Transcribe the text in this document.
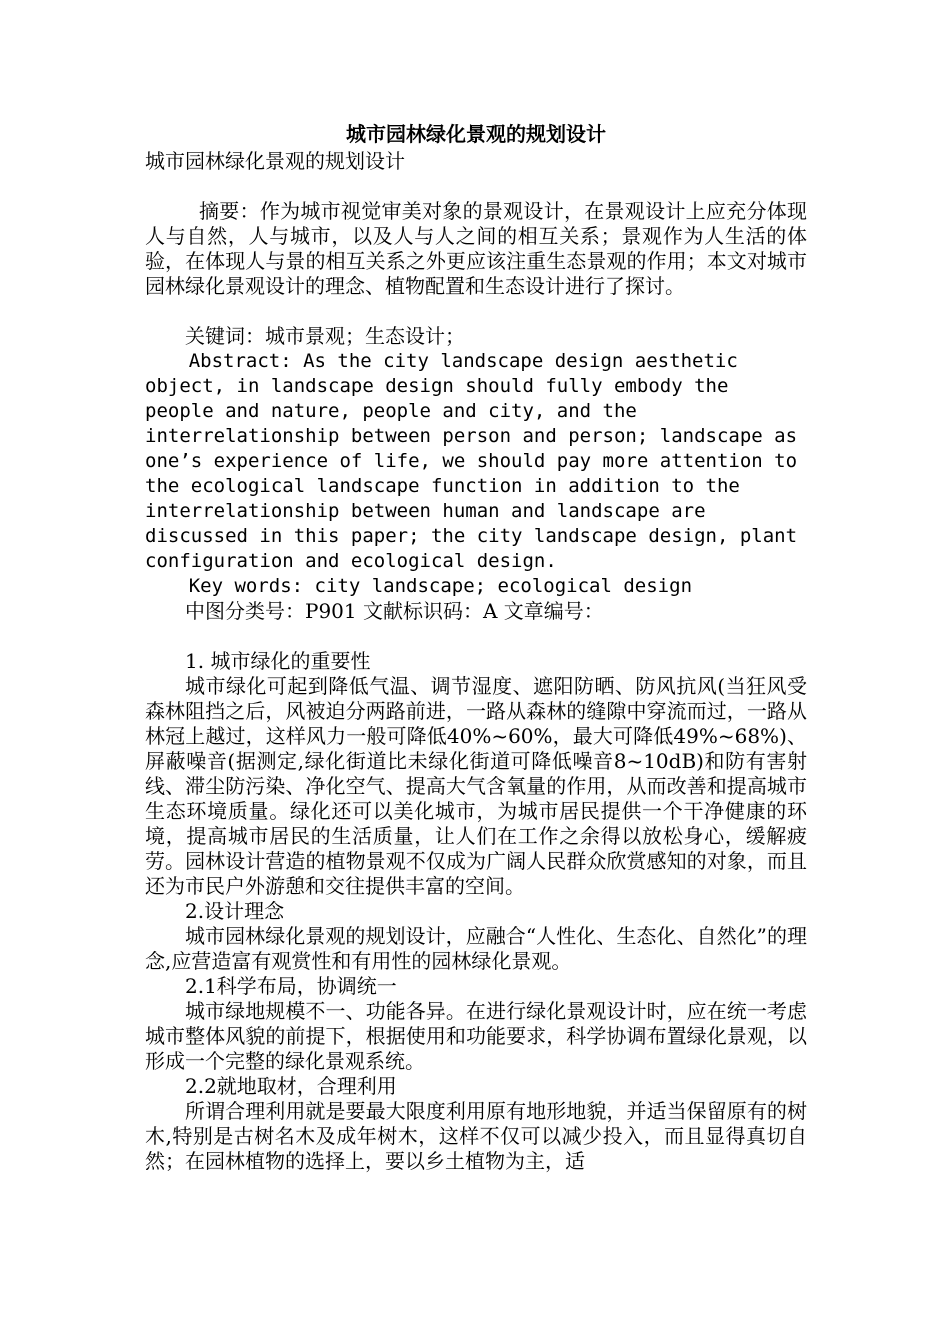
城市园林绿化景观的规划设计

城市园林绿化景观的规划设计

摘要：作为城市视觉审美对象的景观设计，在景观设计上应充分体现人与自然，人与城市，以及人与人之间的相互关系；景观作为人生活的体验，在体现人与景的相互关系之外更应该注重生态景观的作用；本文对城市园林绿化景观设计的理念、植物配置和生态设计进行了探讨。

关键词：城市景观；生态设计；

Abstract: As the city landscape design aesthetic object, in landscape design should fully embody the people and nature, people and city, and the interrelationship between person and person; landscape as one’s experience of life, we should pay more attention to the ecological landscape function in addition to the interrelationship between human and landscape are discussed in this paper; the city landscape design, plant configuration and ecological design.

Key words: city landscape; ecological design

中图分类号：P901 文献标识码：A 文章编号：

1. 城市绿化的重要性

城市绿化可起到降低气温、调节湿度、遮阳防晒、防风抗风(当狂风受森林阻挡之后，风被迫分两路前进，一路从森林的缝隙中穿流而过，一路从林冠上越过，这样风力一般可降低40%~60%，最大可降低49%~68%)、屏蔽噪音(据测定,绿化街道比未绿化街道可降低噪音8~10dB)和防有害射线、滞尘防污染、净化空气、提高大气含氧量的作用，从而改善和提高城市生态环境质量。绿化还可以美化城市，为城市居民提供一个干净健康的环境，提高城市居民的生活质量，让人们在工作之余得以放松身心，缓解疲劳。园林设计营造的植物景观不仅成为广阔人民群众欣赏感知的对象，而且还为市民户外游憩和交往提供丰富的空间。

2.设计理念

城市园林绿化景观的规划设计，应融合“人性化、生态化、自然化”的理念,应营造富有观赏性和有用性的园林绿化景观。

2.1科学布局，协调统一

城市绿地规模不一、功能各异。在进行绿化景观设计时，应在统一考虑城市整体风貌的前提下，根据使用和功能要求，科学协调布置绿化景观，以形成一个完整的绿化景观系统。

2.2就地取材，合理利用

所谓合理利用就是要最大限度利用原有地形地貌，并适当保留原有的树木,特别是古树名木及成年树木，这样不仅可以减少投入，而且显得真切自然；在园林植物的选择上，要以乡土植物为主，适
